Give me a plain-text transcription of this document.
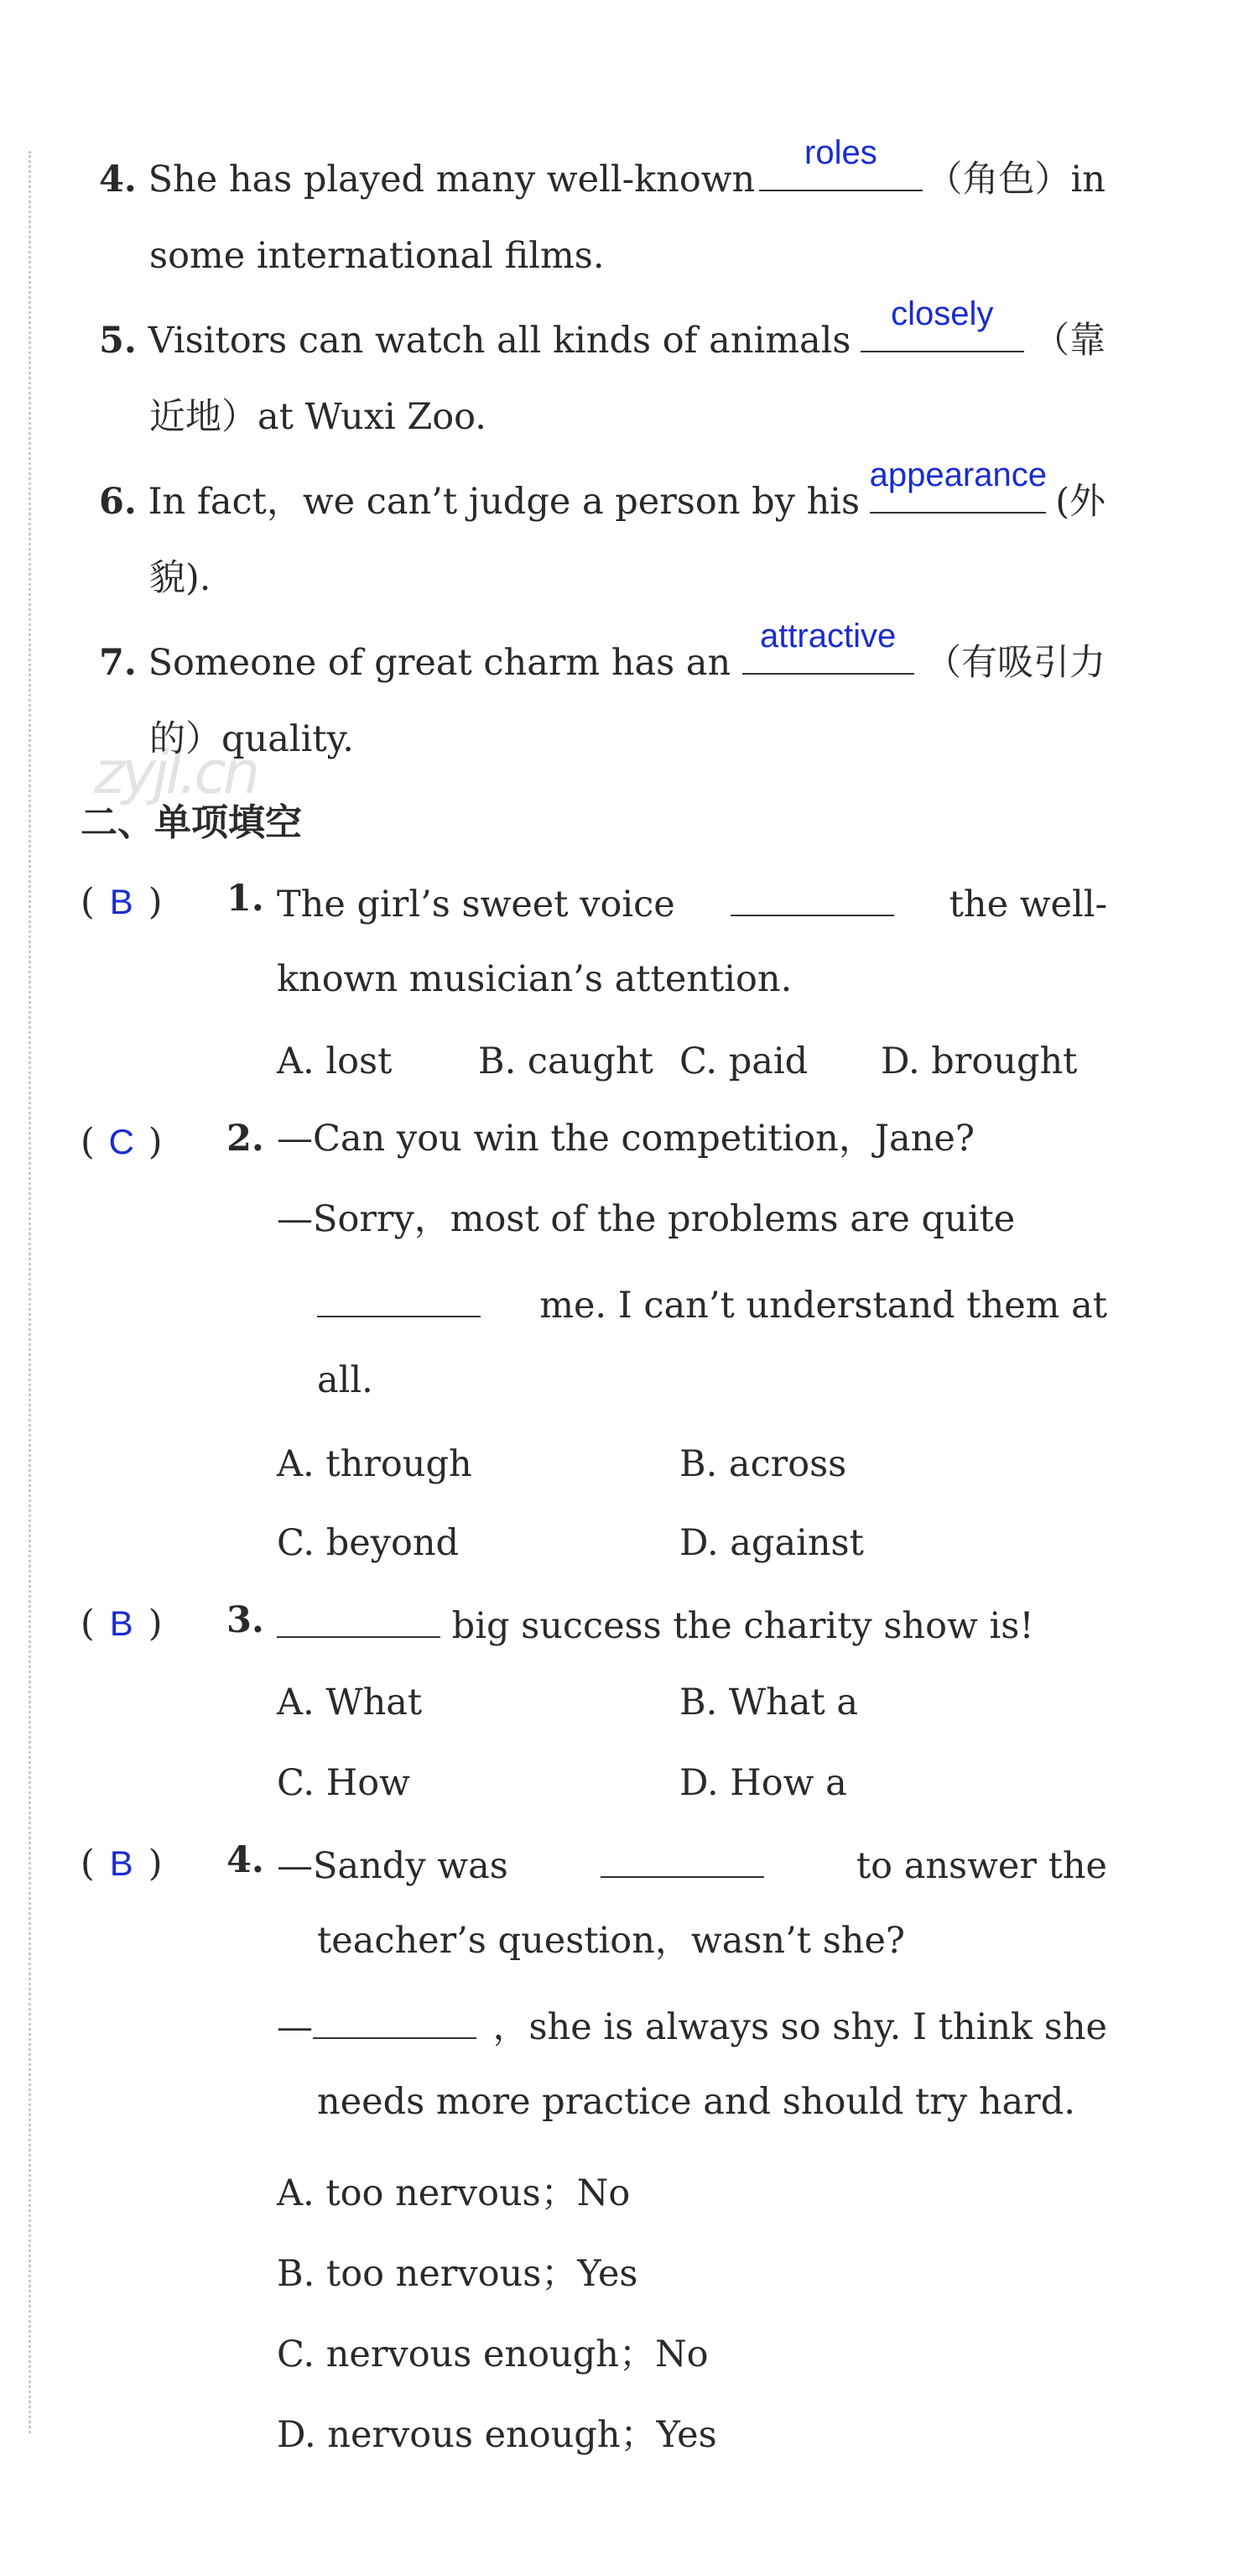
zyjl.cn
4. She has played many well-known
roles
（角色）in
some international films.
5. Visitors can watch all kinds of animals
closely
（靠
近地）at Wuxi Zoo.
6. In fact，we can’t judge a person by his
appearance
(外
貌).
7. Someone of great charm has an
attractive
（有吸引力
的）quality.
二、单项填空
( B ) 1. The girl’s sweet voice	the well-
known musician’s attention.
A. lost B. caught C. paid D. brought
( C ) 2. —Can you win the competition，Jane?
—Sorry，most of the problems are quite
me. I can’t understand them at
all.
A. through	B. across
C. beyond	D. against
( B ) 3.	big success the charity show is!
A. What	B. What a
C. How	D. How a
( B ) 4. —Sandy was	to answer the
teacher’s question，wasn’t she?
—	，she is always so shy. I think she
needs more practice and should try hard.
A. too nervous；No
B. too nervous；Yes
C. nervous enough；No
D. nervous enough；Yes
